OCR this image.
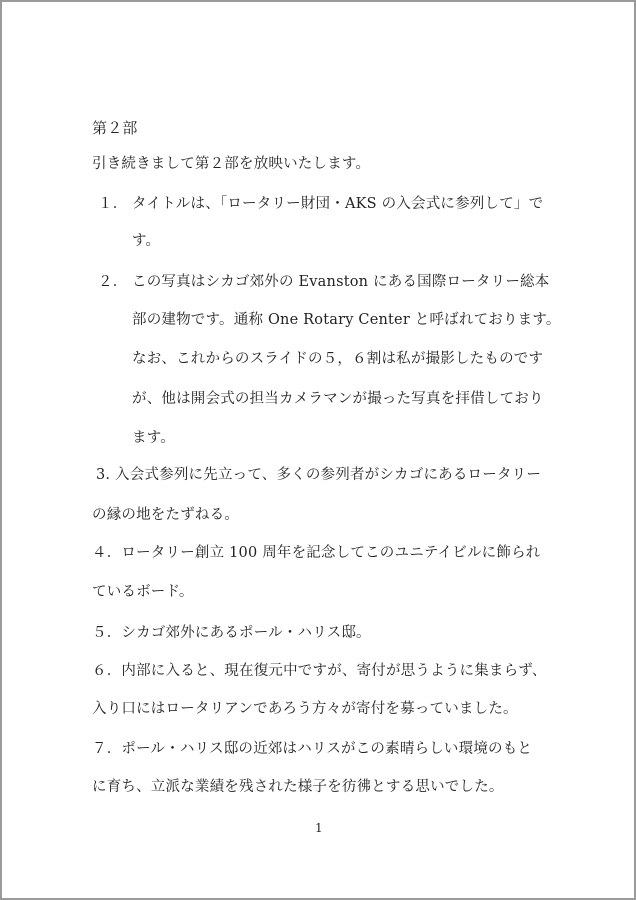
第２部
引き続きまして第２部を放映いたします。
１． タイトルは、「ロータリー財団・AKS の入会式に参列して」で
す。
２． この写真はシカゴ郊外の Evanston にある国際ロータリー総本
部の建物です。通称 One Rotary Center と呼ばれております。
なお、これからのスライドの５，６割は私が撮影したものです
が、他は開会式の担当カメラマンが撮った写真を拝借しており
ます。
3. 入会式参列に先立って、多くの参列者がシカゴにあるロータリー
の縁の地をたずねる。
４．ロータリー創立 100 周年を記念してこのユニテイビルに飾られ
ているボード。
５．シカゴ郊外にあるポール・ハリス邸。
６．内部に入ると、現在復元中ですが、寄付が思うように集まらず、
入り口にはロータリアンであろう方々が寄付を募っていました。
７．ポール・ハリス邸の近郊はハリスがこの素晴らしい環境のもと
に育ち、立派な業績を残された様子を彷彿とする思いでした。
1
